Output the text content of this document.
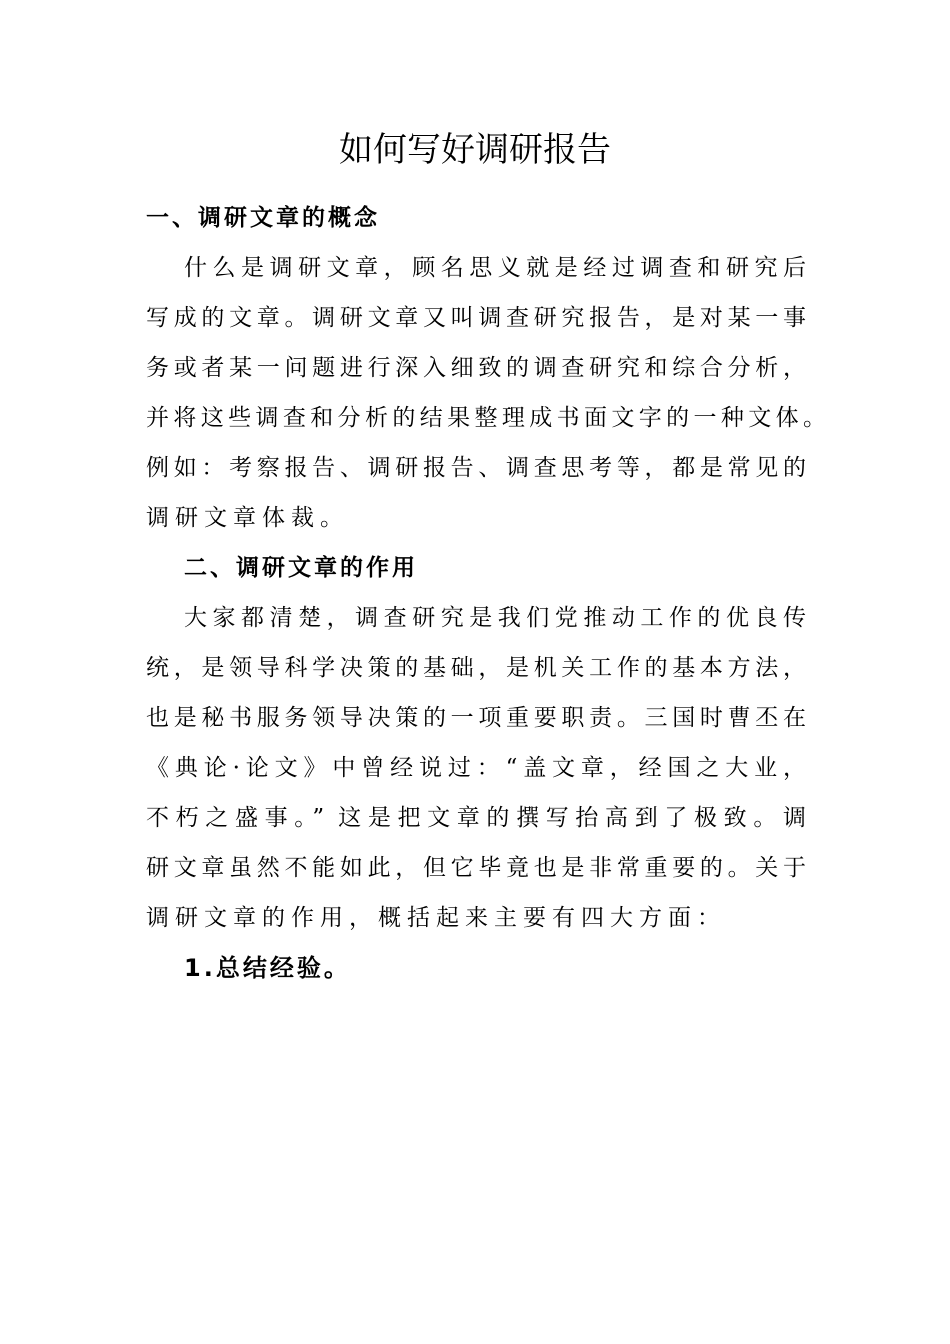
如何写好调研报告
一、调研文章的概念

什么是调研文章，顾名思义就是经过调查和研究后

写成的文章。调研文章又叫调查研究报告，是对某一事

务或者某一问题进行深入细致的调查研究和综合分析，

并将这些调查和分析的结果整理成书面文字的一种文体。

例如：考察报告、调研报告、调查思考等，都是常见的

调研文章体裁。

二、调研文章的作用

大家都清楚，调查研究是我们党推动工作的优良传

统，是领导科学决策的基础，是机关工作的基本方法，

也是秘书服务领导决策的一项重要职责。三国时曹丕在

《典论·论文》中曾经说过：“盖文章，经国之大业，

不朽之盛事。” 这是把文章的撰写抬高到了极致。调

研文章虽然不能如此，但它毕竟也是非常重要的。关于

调研文章的作用，概括起来主要有四大方面：

1.总结经验。
